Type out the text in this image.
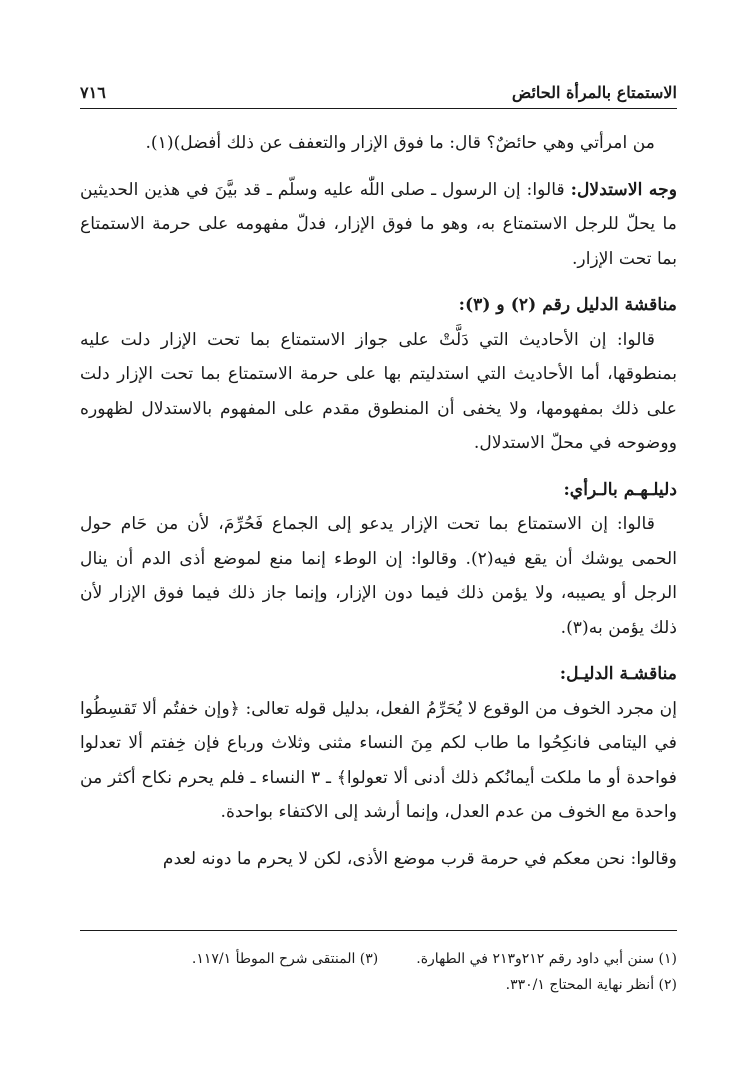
الاستمتاع بالمرأة الحائض
٧١٦

من امرأتي وهي حائضٌ؟ قال: ما فوق الإزار والتعفف عن ذلك أفضل)(١).

وجه الاستدلال: قالوا: إن الرسول ـ صلى اللّٰه عليه وسلّم ـ قد بيَّنَ في هذين الحديثين ما يحلّ للرجل الاستمتاع به، وهو ما فوق الإزار، فدلّ مفهومه على حرمة الاستمتاع بما تحت الإزار.

مناقشة الدليل رقم (٢) و (٣):

قالوا: إن الأحاديث التي دَلَّتْ على جواز الاستمتاع بما تحت الإزار دلت عليه بمنطوقها، أما الأحاديث التي استدليتم بها على حرمة الاستمتاع بما تحت الإزار دلت على ذلك بمفهومها، ولا يخفى أن المنطوق مقدم على المفهوم بالاستدلال لظهوره ووضوحه في محلّ الاستدلال.

دليلـهـم بالـرأي:

قالوا: إن الاستمتاع بما تحت الإزار يدعو إلى الجماع فَحُرِّمَ، لأن من حَام حول الحمى يوشك أن يقع فيه(٢). وقالوا: إن الوطء إنما منع لموضع أذى الدم أن ينال الرجل أو يصيبه، ولا يؤمن ذلك فيما دون الإزار، وإنما جاز ذلك فيما فوق الإزار لأن ذلك يؤمن به(٣).

مناقشـة الدليـل:

إن مجرد الخوف من الوقوع لا يُحَرِّمُ الفعل، بدليل قوله تعالى: ﴿وإن خفتُم ألا تَقسِطُوا في اليتامى فانكِحُوا ما طاب لكم مِنَ النساء مثنى وثلاث ورباع فإن خِفتم ألا تعدلوا فواحدة أو ما ملكت أيمانُكم ذلك أدنى ألا تعولوا﴾ ـ ٣ النساء ـ فلم يحرم نكاح أكثر من واحدة مع الخوف من عدم العدل، وإنما أرشد إلى الاكتفاء بواحدة.

وقالوا: نحن معكم في حرمة قرب موضع الأذى، لكن لا يحرم ما دونه لعدم

(١) سنن أبي داود رقم ٢١٢و٢١٣ في الطهارة.
(٣) المنتقى شرح الموطأ ١١٧/١.
(٢) أنظر نهاية المحتاج ٣٣٠/١.
